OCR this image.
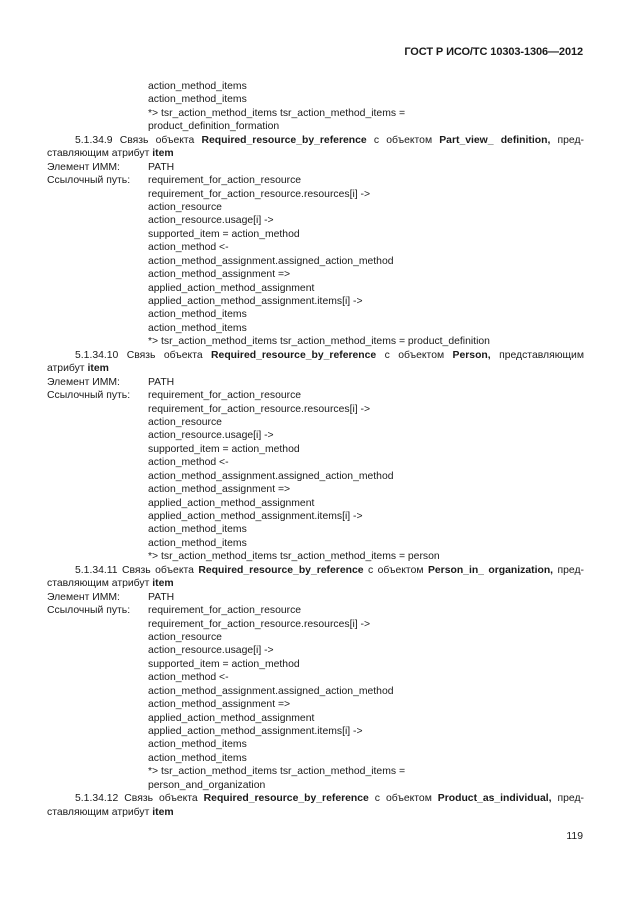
ГОСТ Р ИСО/ТС 10303-1306—2012
action_method_items
action_method_items
*> tsr_action_method_items tsr_action_method_items =
product_definition_formation
5.1.34.9 Связь объекта Required_resource_by_reference с объектом Part_view_ definition, пред-
ставляющим атрибут item
Элемент ИММ:	PATH
Ссылочный путь: requirement_for_action_resource
requirement_for_action_resource.resources[i] ->
action_resource
action_resource.usage[i] ->
supported_item = action_method
action_method <-
action_method_assignment.assigned_action_method
action_method_assignment =>
applied_action_method_assignment
applied_action_method_assignment.items[i] ->
action_method_items
action_method_items
*> tsr_action_method_items tsr_action_method_items = product_definition
5.1.34.10 Связь объекта Required_resource_by_reference с объектом Person, представляющим
атрибут item
Элемент ИММ:	PATH
Ссылочный путь: requirement_for_action_resource
requirement_for_action_resource.resources[i] ->
action_resource
action_resource.usage[i] ->
supported_item = action_method
action_method <-
action_method_assignment.assigned_action_method
action_method_assignment =>
applied_action_method_assignment
applied_action_method_assignment.items[i] ->
action_method_items
action_method_items
*> tsr_action_method_items tsr_action_method_items = person
5.1.34.11 Связь объекта Required_resource_by_reference с объектом Person_in_ organization, пред-
ставляющим атрибут item
Элемент ИММ:	PATH
Ссылочный путь: requirement_for_action_resource
requirement_for_action_resource.resources[i] ->
action_resource
action_resource.usage[i] ->
supported_item = action_method
action_method <-
action_method_assignment.assigned_action_method
action_method_assignment =>
applied_action_method_assignment
applied_action_method_assignment.items[i] ->
action_method_items
action_method_items
*> tsr_action_method_items tsr_action_method_items =
person_and_organization
5.1.34.12 Связь объекта Required_resource_by_reference с объектом Product_as_individual, пред-
ставляющим атрибут item
119
